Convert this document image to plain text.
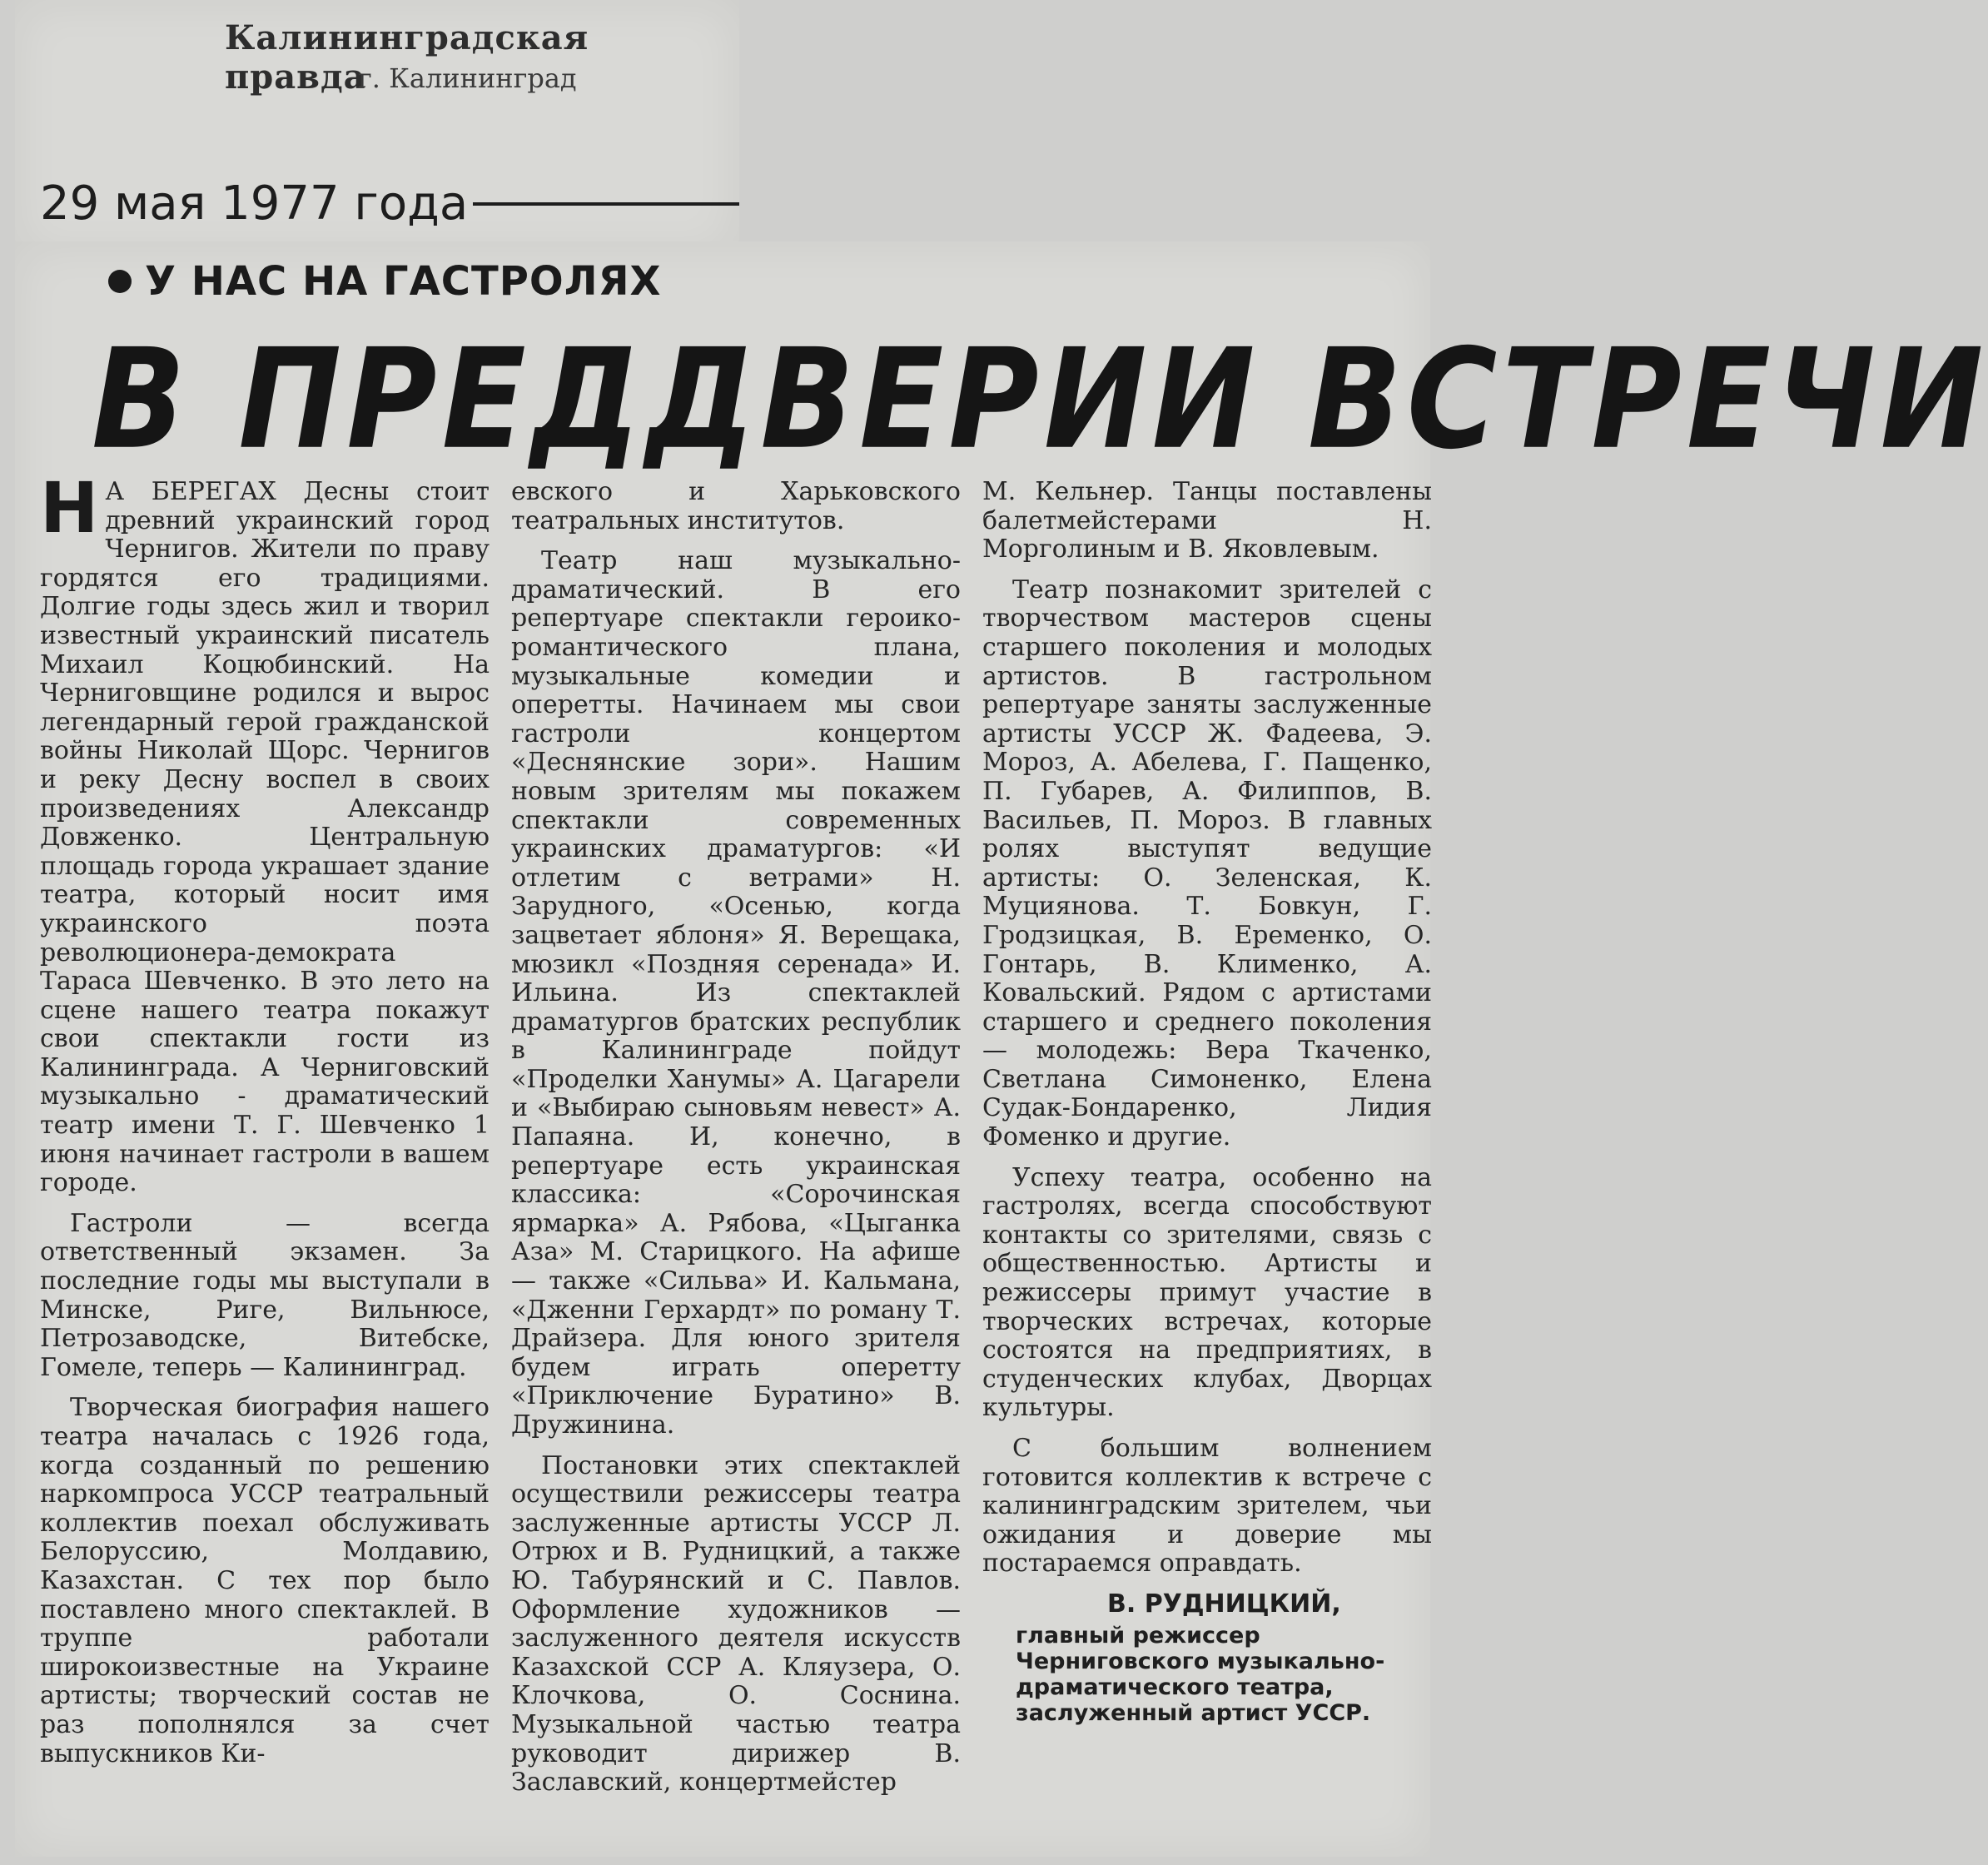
Калининградская правда
г. Калининград
29 мая 1977 года
У НАС НА ГАСТРОЛЯХ
В ПРЕДДВЕРИИ ВСТРЕЧИ

Н А БЕРЕГАХ Десны стоит древний украинский город Чернигов. Жители по праву гордятся его традициями. Долгие годы здесь жил и творил известный украинский писатель Михаил Коцюбинский. На Черниговщине родился и вырос легендарный герой гражданской войны Николай Щорс. Чернигов и реку Десну воспел в своих произведениях Александр Довженко. Центральную площадь города украшает здание театра, который носит имя украинского поэта революционера-демократа Тараса Шевченко. В это лето на сцене нашего театра покажут свои спектакли гости из Калининграда. А Черниговский музыкально - драматический театр имени Т. Г. Шевченко 1 июня начинает гастроли в вашем городе.

Гастроли — всегда ответственный экзамен. За последние годы мы выступали в Минске, Риге, Вильнюсе, Петрозаводске, Витебске, Гомеле, теперь — Калининград.

Творческая биография нашего театра началась с 1926 года, когда созданный по решению наркомпроса УССР театральный коллектив поехал обслуживать Белоруссию, Молдавию, Казахстан. С тех пор было поставлено много спектаклей. В труппе работали широкоизвестные на Украине артисты; творческий состав не раз пополнялся за счет выпускников Ки-

евского и Харьковского театральных институтов.

Театр наш музыкально-драматический. В его репертуаре спектакли героико-романтического плана, музыкальные комедии и оперетты. Начинаем мы свои гастроли концертом «Деснянские зори». Нашим новым зрителям мы покажем спектакли современных украинских драматургов: «И отлетим с ветрами» Н. Зарудного, «Осенью, когда зацветает яблоня» Я. Верещака, мюзикл «Поздняя серенада» И. Ильина. Из спектаклей драматургов братских республик в Калининграде пойдут «Проделки Ханумы» А. Цагарели и «Выбираю сыновьям невест» А. Папаяна. И, конечно, в репертуаре есть украинская классика: «Сорочинская ярмарка» А. Рябова, «Цыганка Аза» М. Старицкого. На афише — также «Сильва» И. Кальмана, «Дженни Герхардт» по роману Т. Драйзера. Для юного зрителя будем играть оперетту «Приключение Буратино» В. Дружинина.

Постановки этих спектаклей осуществили режиссеры театра заслуженные артисты УССР Л. Отрюх и В. Рудницкий, а также Ю. Табурянский и С. Павлов. Оформление художников — заслуженного деятеля искусств Казахской ССР А. Кляузера, О. Клочкова, О. Соснина. Музыкальной частью театра руководит дирижер В. Заславский, концертмейстер

М. Кельнер. Танцы поставлены балетмейстерами Н. Морголиным и В. Яковлевым.

Театр познакомит зрителей с творчеством мастеров сцены старшего поколения и молодых артистов. В гастрольном репертуаре заняты заслуженные артисты УССР Ж. Фадеева, Э. Мороз, А. Абелева, Г. Пащенко, П. Губарев, А. Филиппов, В. Васильев, П. Мороз. В главных ролях выступят ведущие артисты: О. Зеленская, К. Муциянова. Т. Бовкун, Г. Гродзицкая, В. Еременко, О. Гонтарь, В. Клименко, А. Ковальский. Рядом с артистами старшего и среднего поколения — молодежь: Вера Ткаченко, Светлана Симоненко, Елена Судак-Бондаренко, Лидия Фоменко и другие.

Успеху театра, особенно на гастролях, всегда способствуют контакты со зрителями, связь с общественностью. Артисты и режиссеры примут участие в творческих встречах, которые состоятся на предприятиях, в студенческих клубах, Дворцах культуры.

С большим волнением готовится коллектив к встрече с калининградским зрителем, чьи ожидания и доверие мы постараемся оправдать.

В. РУДНИЦКИЙ,
главный режиссер Черниговского музыкально-драматического театра, заслуженный артист УССР.
